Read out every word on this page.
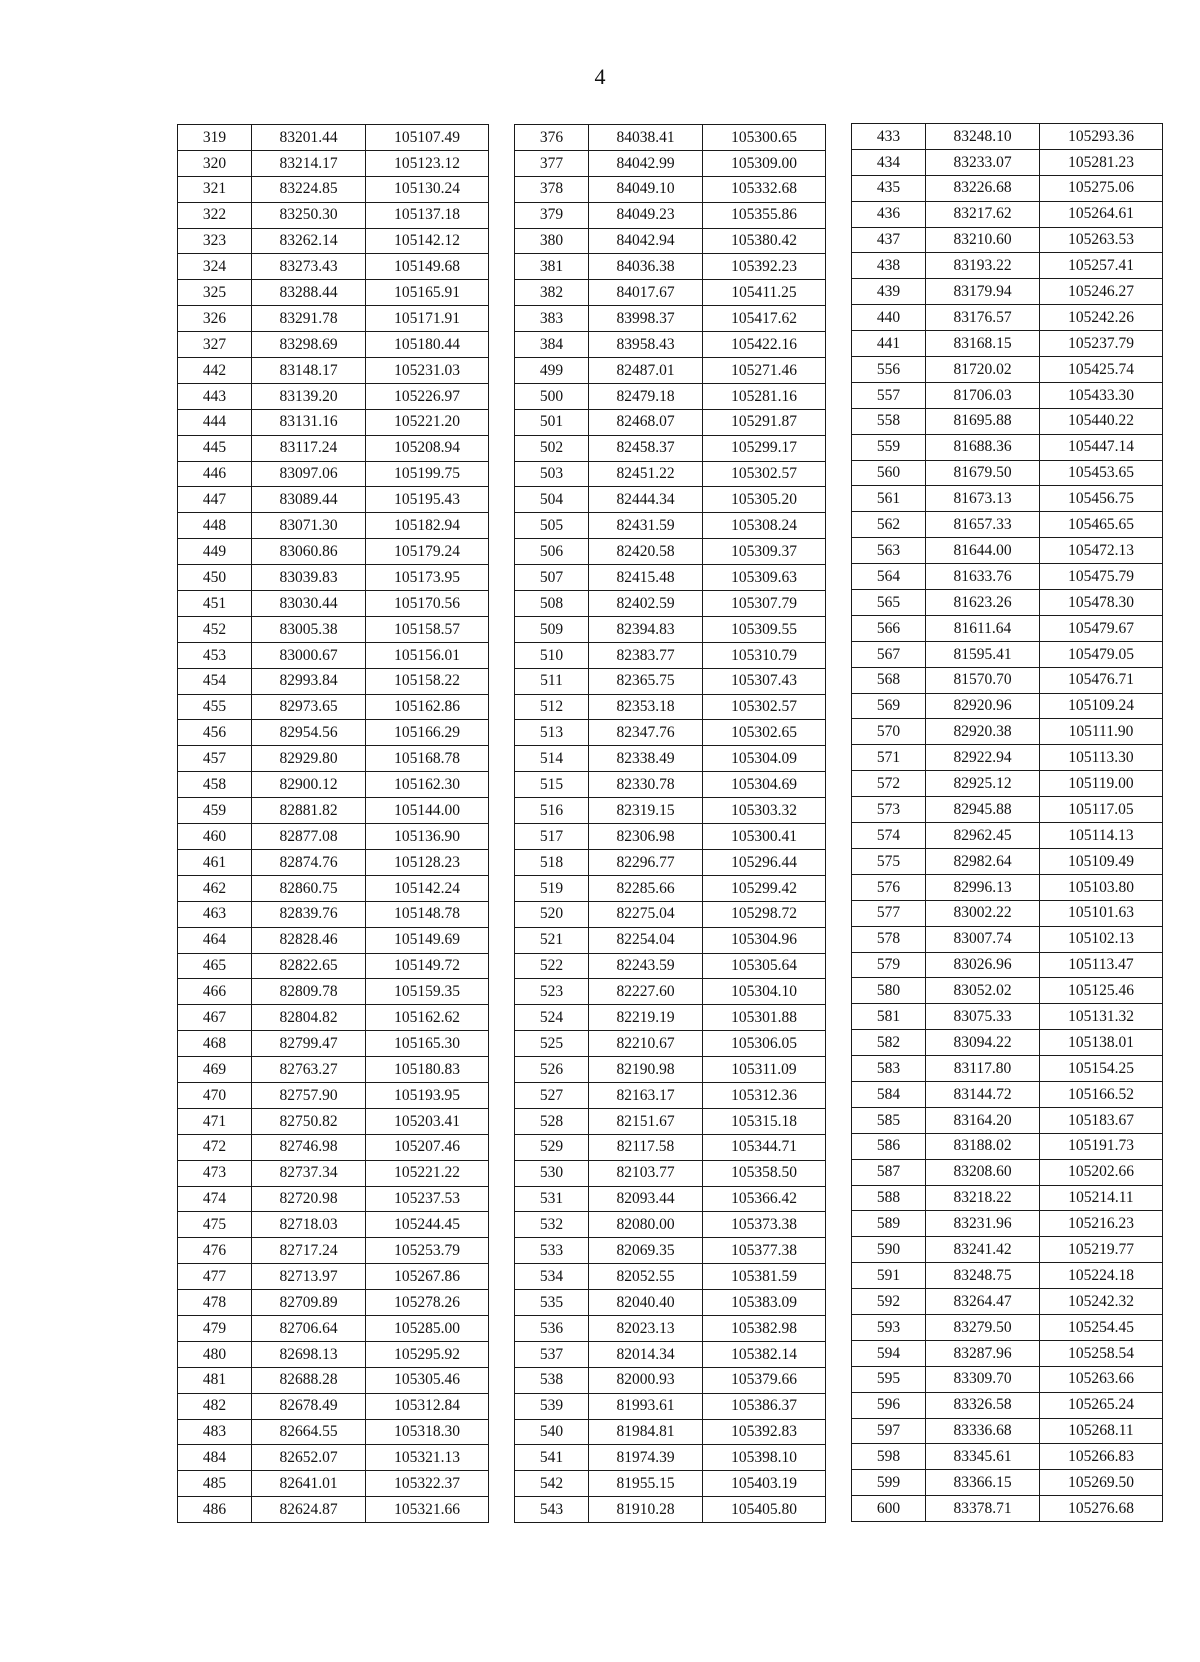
4
319	83201.44	105107.49
320	83214.17	105123.12
321	83224.85	105130.24
322	83250.30	105137.18
323	83262.14	105142.12
324	83273.43	105149.68
325	83288.44	105165.91
326	83291.78	105171.91
327	83298.69	105180.44
442	83148.17	105231.03
443	83139.20	105226.97
444	83131.16	105221.20
445	83117.24	105208.94
446	83097.06	105199.75
447	83089.44	105195.43
448	83071.30	105182.94
449	83060.86	105179.24
450	83039.83	105173.95
451	83030.44	105170.56
452	83005.38	105158.57
453	83000.67	105156.01
454	82993.84	105158.22
455	82973.65	105162.86
456	82954.56	105166.29
457	82929.80	105168.78
458	82900.12	105162.30
459	82881.82	105144.00
460	82877.08	105136.90
461	82874.76	105128.23
462	82860.75	105142.24
463	82839.76	105148.78
464	82828.46	105149.69
465	82822.65	105149.72
466	82809.78	105159.35
467	82804.82	105162.62
468	82799.47	105165.30
469	82763.27	105180.83
470	82757.90	105193.95
471	82750.82	105203.41
472	82746.98	105207.46
473	82737.34	105221.22
474	82720.98	105237.53
475	82718.03	105244.45
476	82717.24	105253.79
477	82713.97	105267.86
478	82709.89	105278.26
479	82706.64	105285.00
480	82698.13	105295.92
481	82688.28	105305.46
482	82678.49	105312.84
483	82664.55	105318.30
484	82652.07	105321.13
485	82641.01	105322.37
486	82624.87	105321.66
376	84038.41	105300.65
377	84042.99	105309.00
378	84049.10	105332.68
379	84049.23	105355.86
380	84042.94	105380.42
381	84036.38	105392.23
382	84017.67	105411.25
383	83998.37	105417.62
384	83958.43	105422.16
499	82487.01	105271.46
500	82479.18	105281.16
501	82468.07	105291.87
502	82458.37	105299.17
503	82451.22	105302.57
504	82444.34	105305.20
505	82431.59	105308.24
506	82420.58	105309.37
507	82415.48	105309.63
508	82402.59	105307.79
509	82394.83	105309.55
510	82383.77	105310.79
511	82365.75	105307.43
512	82353.18	105302.57
513	82347.76	105302.65
514	82338.49	105304.09
515	82330.78	105304.69
516	82319.15	105303.32
517	82306.98	105300.41
518	82296.77	105296.44
519	82285.66	105299.42
520	82275.04	105298.72
521	82254.04	105304.96
522	82243.59	105305.64
523	82227.60	105304.10
524	82219.19	105301.88
525	82210.67	105306.05
526	82190.98	105311.09
527	82163.17	105312.36
528	82151.67	105315.18
529	82117.58	105344.71
530	82103.77	105358.50
531	82093.44	105366.42
532	82080.00	105373.38
533	82069.35	105377.38
534	82052.55	105381.59
535	82040.40	105383.09
536	82023.13	105382.98
537	82014.34	105382.14
538	82000.93	105379.66
539	81993.61	105386.37
540	81984.81	105392.83
541	81974.39	105398.10
542	81955.15	105403.19
543	81910.28	105405.80
433	83248.10	105293.36
434	83233.07	105281.23
435	83226.68	105275.06
436	83217.62	105264.61
437	83210.60	105263.53
438	83193.22	105257.41
439	83179.94	105246.27
440	83176.57	105242.26
441	83168.15	105237.79
556	81720.02	105425.74
557	81706.03	105433.30
558	81695.88	105440.22
559	81688.36	105447.14
560	81679.50	105453.65
561	81673.13	105456.75
562	81657.33	105465.65
563	81644.00	105472.13
564	81633.76	105475.79
565	81623.26	105478.30
566	81611.64	105479.67
567	81595.41	105479.05
568	81570.70	105476.71
569	82920.96	105109.24
570	82920.38	105111.90
571	82922.94	105113.30
572	82925.12	105119.00
573	82945.88	105117.05
574	82962.45	105114.13
575	82982.64	105109.49
576	82996.13	105103.80
577	83002.22	105101.63
578	83007.74	105102.13
579	83026.96	105113.47
580	83052.02	105125.46
581	83075.33	105131.32
582	83094.22	105138.01
583	83117.80	105154.25
584	83144.72	105166.52
585	83164.20	105183.67
586	83188.02	105191.73
587	83208.60	105202.66
588	83218.22	105214.11
589	83231.96	105216.23
590	83241.42	105219.77
591	83248.75	105224.18
592	83264.47	105242.32
593	83279.50	105254.45
594	83287.96	105258.54
595	83309.70	105263.66
596	83326.58	105265.24
597	83336.68	105268.11
598	83345.61	105266.83
599	83366.15	105269.50
600	83378.71	105276.68
